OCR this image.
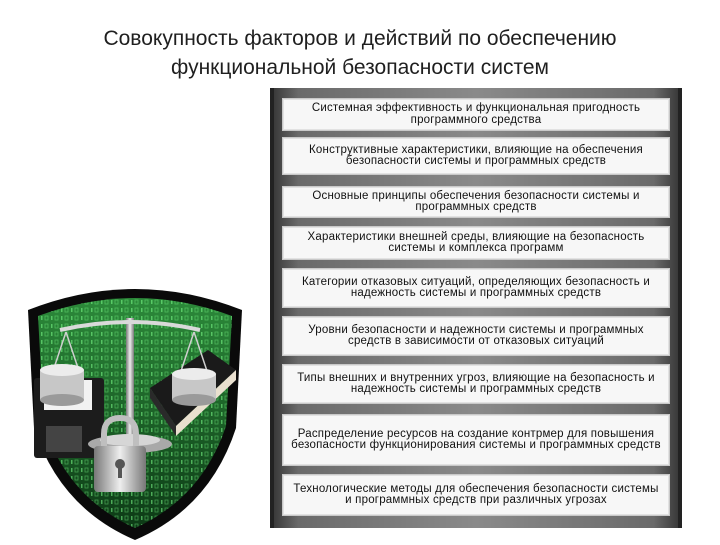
Совокупность факторов и действий по обеспечению
функциональной безопасности систем
Системная эффективность и функциональная пригодность программного средства
Конструктивные характеристики, влияющие на обеспечения безопасности системы и программных средств
Основные принципы обеспечения безопасности системы и программных средств
Характеристики внешней среды, влияющие на безопасность системы и комплекса программ
Категории отказовых ситуаций, определяющих безопасность и надежность системы и программных средств
Уровни безопасности и надежности системы и программных средств в зависимости от отказовых ситуаций
Типы внешних и внутренних угроз, влияющие на безопасность и надежность системы и программных средств
Распределение ресурсов на создание контрмер для повышения безопасности функционирования системы и программных средств
Технологические методы для обеспечения безопасности системы и программных средств при различных угрозах
